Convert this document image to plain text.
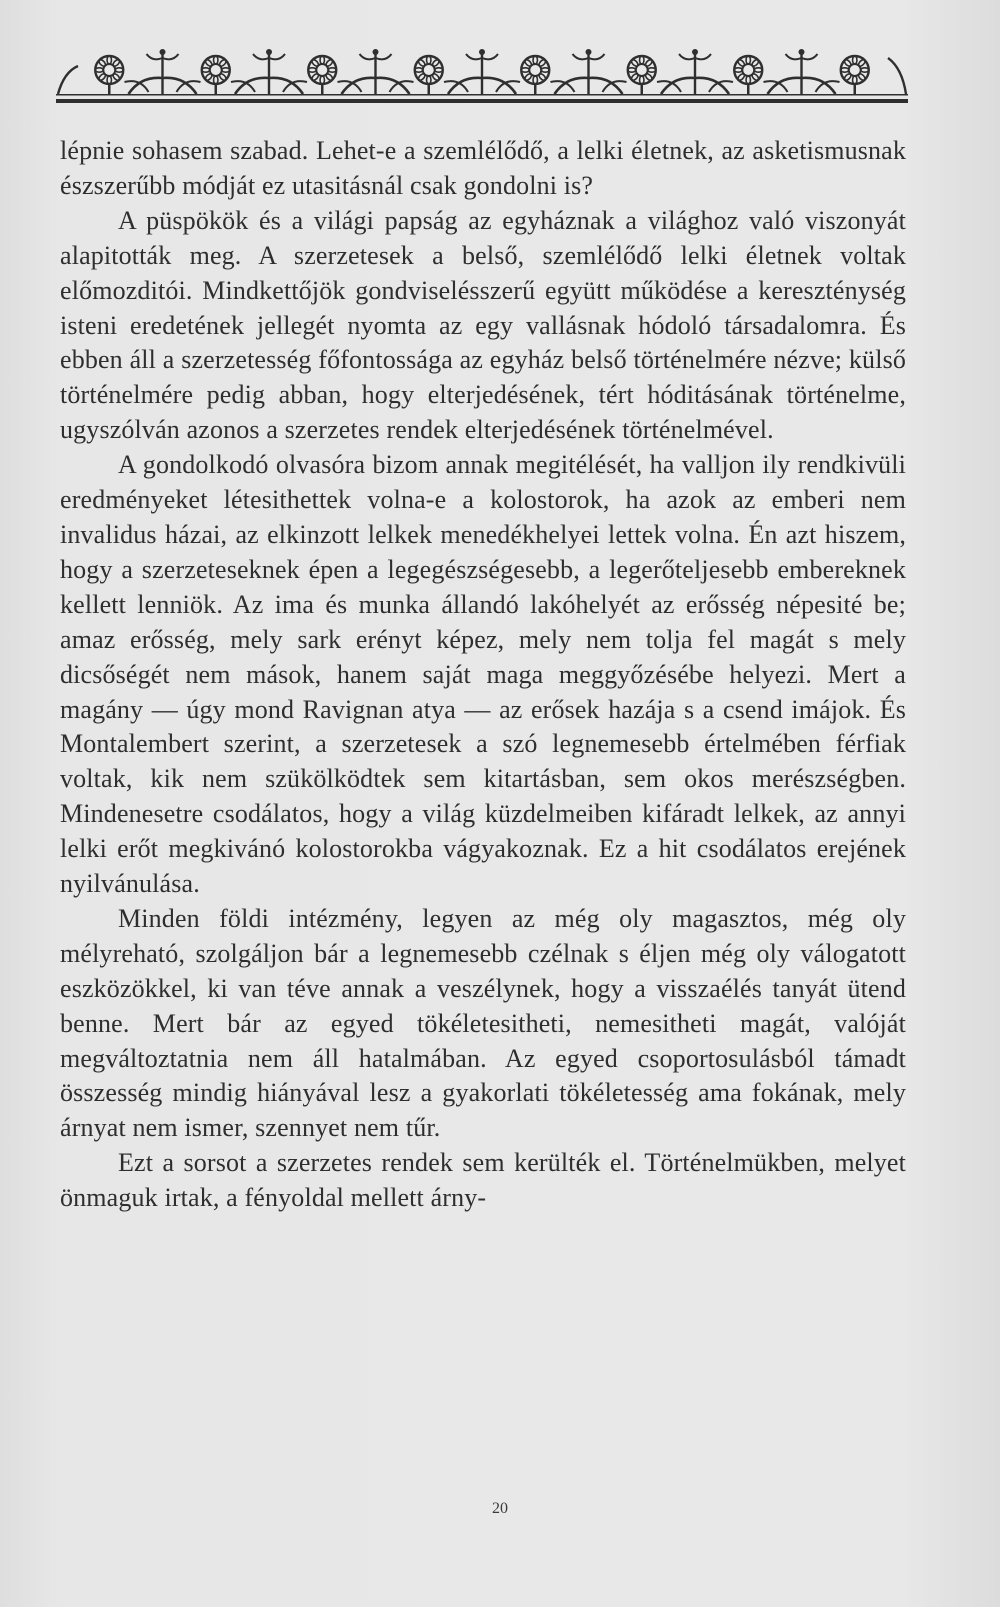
lépnie sohasem szabad. Lehet-e a szemlélődő, a lelki életnek, az asketismusnak észszerűbb módját ez utasitásnál csak gondolni is?

A püspökök és a világi papság az egyháznak a világhoz való viszonyát alapitották meg. A szerzetesek a belső, szemlélődő lelki életnek voltak előmozditói. Mindkettőjök gondviselésszerű együtt működése a kereszténység isteni eredetének jellegét nyomta az egy vallásnak hódoló társadalomra. És ebben áll a szerzetesség főfontossága az egyház belső történelmére nézve; külső történelmére pedig abban, hogy elterjedésének, tért hóditásának történelme, ugyszólván azonos a szerzetes rendek elterjedésének történelmével.

A gondolkodó olvasóra bizom annak megitélését, ha valljon ily rendkivüli eredményeket létesithettek volna-e a kolostorok, ha azok az emberi nem invalidus házai, az elkinzott lelkek menedékhelyei lettek volna. Én azt hiszem, hogy a szerzeteseknek épen a legegészségesebb, a legerőteljesebb embereknek kellett lenniök. Az ima és munka állandó lakóhelyét az erősség népesité be; amaz erősség, mely sark erényt képez, mely nem tolja fel magát s mely dicsőségét nem mások, hanem saját maga meggyőzésébe helyezi. Mert a magány — úgy mond Ravignan atya — az erősek hazája s a csend imájok. És Montalembert szerint, a szerzetesek a szó legnemesebb értelmében férfiak voltak, kik nem szükölködtek sem kitartásban, sem okos merészségben. Mindenesetre csodálatos, hogy a világ küzdelmeiben kifáradt lelkek, az annyi lelki erőt megkivánó kolostorokba vágyakoznak. Ez a hit csodálatos erejének nyilvánulása.

Minden földi intézmény, legyen az még oly magasztos, még oly mélyreható, szolgáljon bár a legnemesebb czélnak s éljen még oly válogatott eszközökkel, ki van téve annak a veszélynek, hogy a visszaélés tanyát ütend benne. Mert bár az egyed tökéletesitheti, nemesitheti magát, valóját megváltoztatnia nem áll hatalmában. Az egyed csoportosulásból támadt összesség mindig hiányával lesz a gyakorlati tökéletesség ama fokának, mely árnyat nem ismer, szennyet nem tűr.

Ezt a sorsot a szerzetes rendek sem kerülték el. Történelmükben, melyet önmaguk irtak, a fényoldal mellett árny-

20
